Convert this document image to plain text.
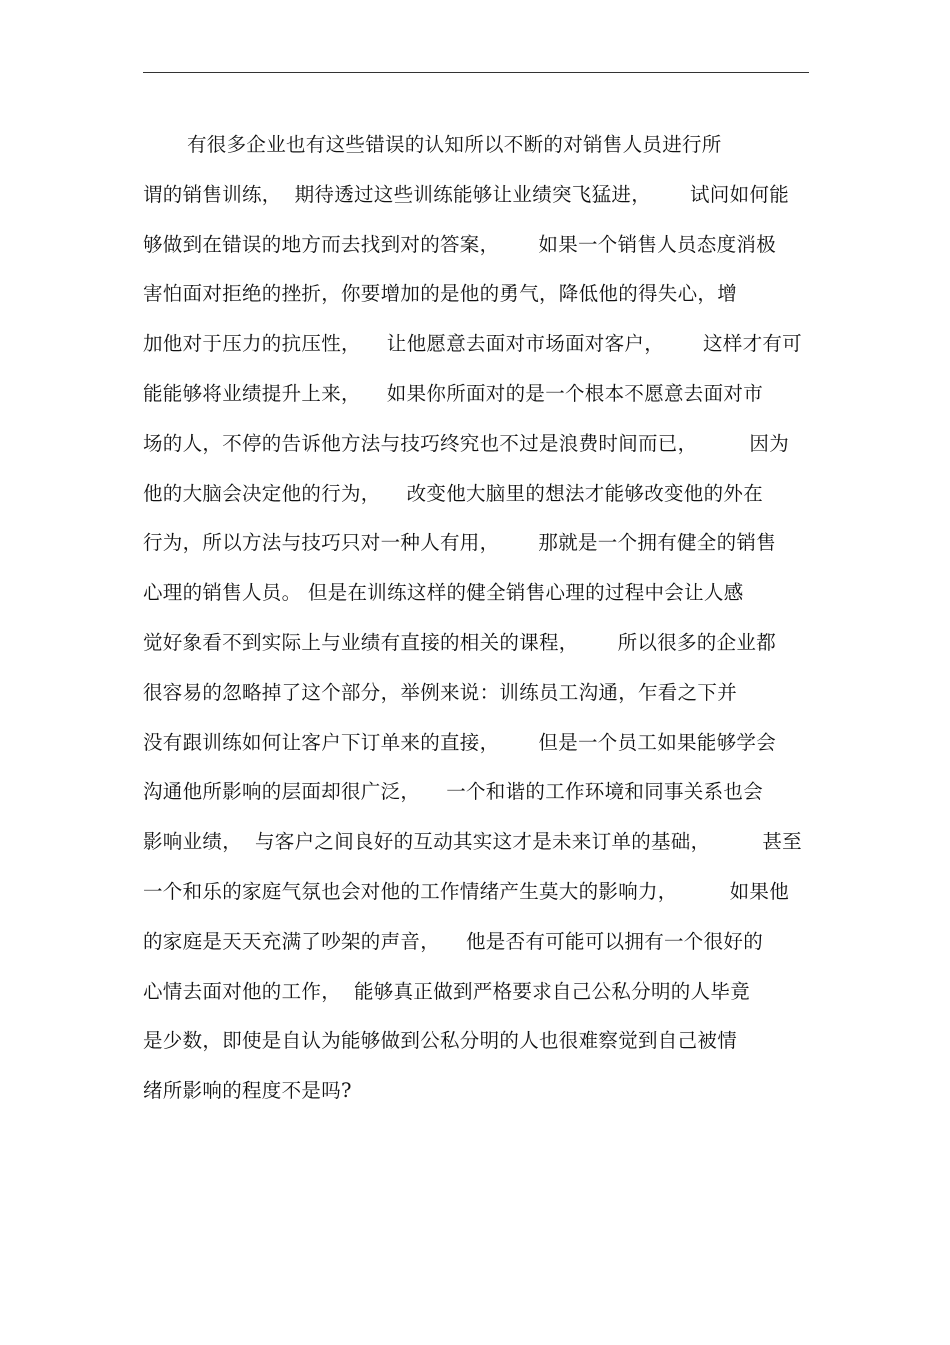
有很多企业也有这些错误的认知所以不断的对销售人员进行所
谓的销售训练，  期待透过这些训练能够让业绩突飞猛进，      试问如何能
够做到在错误的地方而去找到对的答案，      如果一个销售人员态度消极
害怕面对拒绝的挫折，你要增加的是他的勇气，降低他的得失心，增
加他对于压力的抗压性，    让他愿意去面对市场面对客户，      这样才有可
能能够将业绩提升上来，    如果你所面对的是一个根本不愿意去面对市
场的人，不停的告诉他方法与技巧终究也不过是浪费时间而已，        因为
他的大脑会决定他的行为，    改变他大脑里的想法才能够改变他的外在
行为，所以方法与技巧只对一种人有用，      那就是一个拥有健全的销售
心理的销售人员。 但是在训练这样的健全销售心理的过程中会让人感
觉好象看不到实际上与业绩有直接的相关的课程，      所以很多的企业都
很容易的忽略掉了这个部分，举例来说：训练员工沟通，乍看之下并
没有跟训练如何让客户下订单来的直接，      但是一个员工如果能够学会
沟通他所影响的层面却很广泛，    一个和谐的工作环境和同事关系也会
影响业绩，  与客户之间良好的互动其实这才是未来订单的基础，        甚至
一个和乐的家庭气氛也会对他的工作情绪产生莫大的影响力，        如果他
的家庭是天天充满了吵架的声音，    他是否有可能可以拥有一个很好的
心情去面对他的工作，  能够真正做到严格要求自己公私分明的人毕竟
是少数，即使是自认为能够做到公私分明的人也很难察觉到自己被情
绪所影响的程度不是吗?
